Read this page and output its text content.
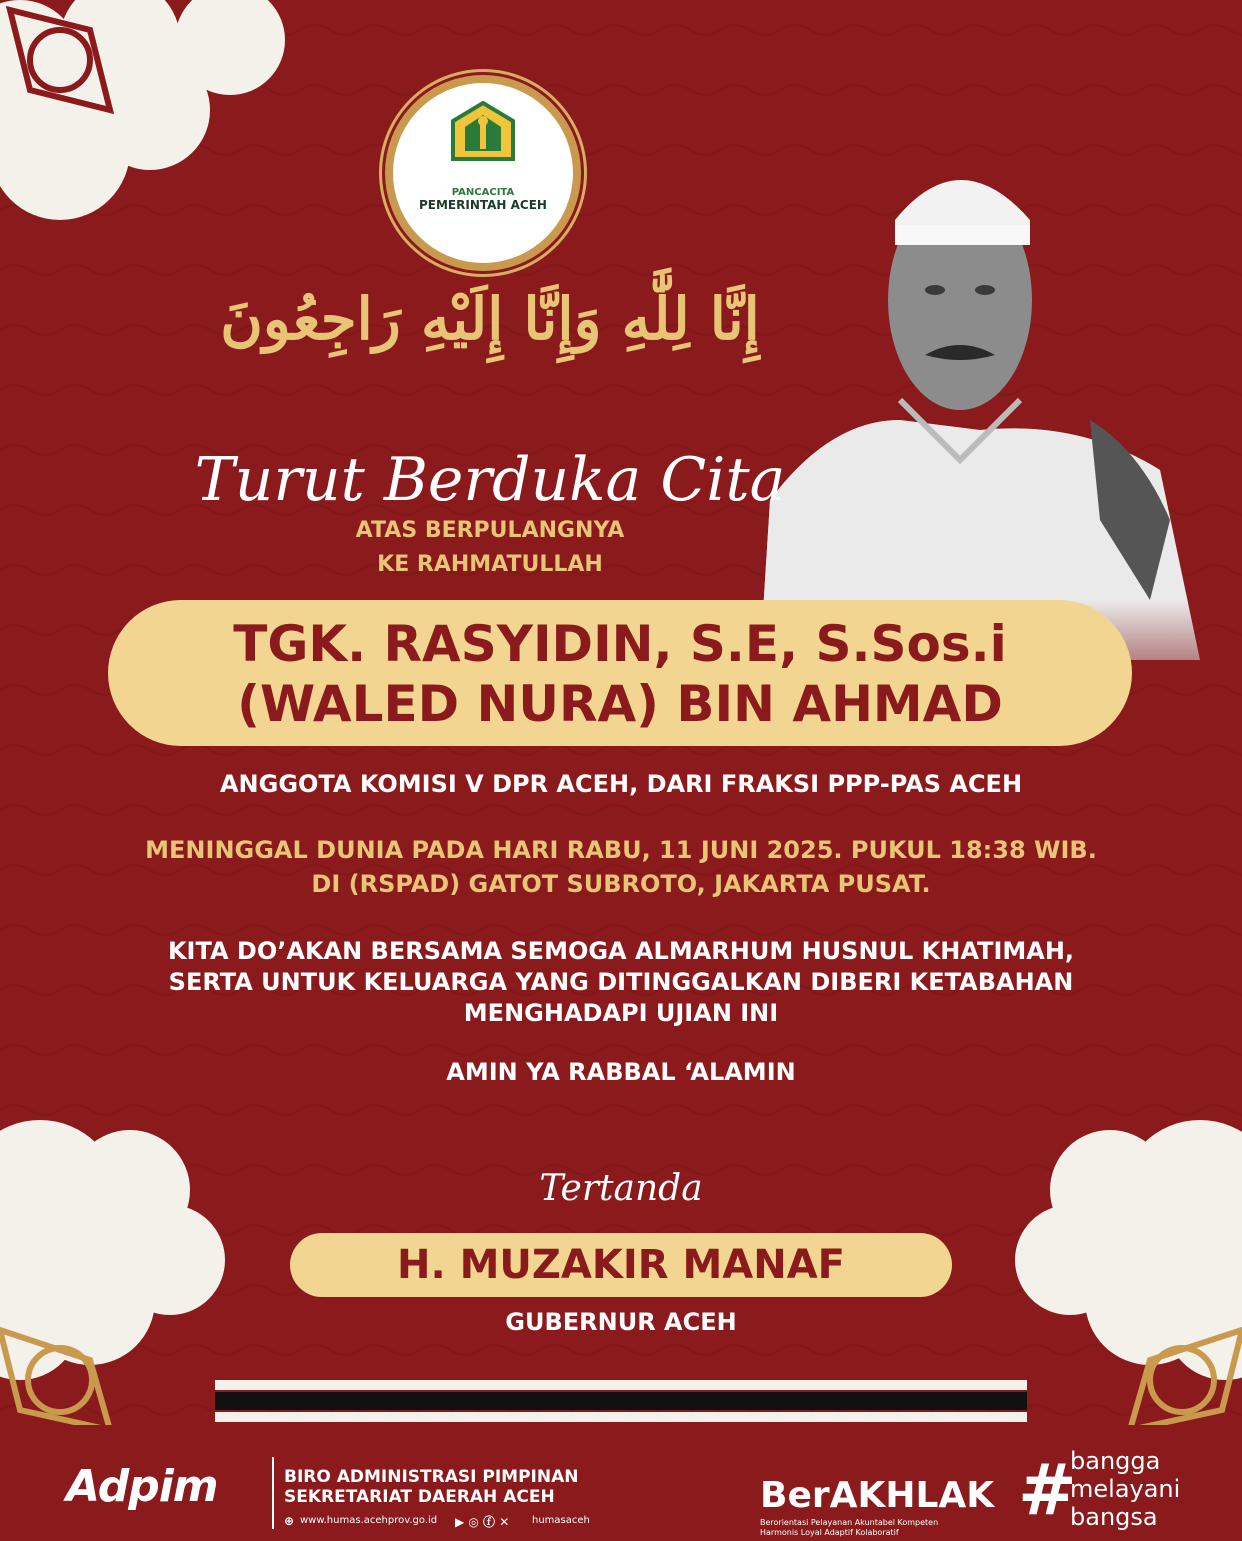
PANCACITA
PEMERINTAH ACEH
إِنَّا لِلَّٰهِ وَإِنَّا إِلَيْهِ رَاجِعُونَ
Turut Berduka Cita
ATAS BERPULANGNYA
KE RAHMATULLAH
TGK. RASYIDIN, S.E, S.Sos.i
(WALED NURA) BIN AHMAD
ANGGOTA KOMISI V DPR ACEH, DARI FRAKSI PPP-PAS ACEH
MENINGGAL DUNIA PADA HARI RABU, 11 JUNI 2025. PUKUL 18:38 WIB.
DI (RSPAD) GATOT SUBROTO, JAKARTA PUSAT.
KITA DO’AKAN BERSAMA SEMOGA ALMARHUM HUSNUL KHATIMAH,
SERTA UNTUK KELUARGA YANG DITINGGALKAN DIBERI KETABAHAN
MENGHADAPI UJIAN INI
AMIN YA RABBAL ‘ALAMIN
Tertanda
H. MUZAKIR MANAF
GUBERNUR ACEH
Adpim	BIRO ADMINISTRASI PIMPINAN
SEKRETARIAT DAERAH ACEH
⊕ www.humas.acehprov.go.id ▶ ◎ ⓕ ✕ humasaceh
BerAKHLAK
Berorientasi Pelayanan Akuntabel Kompeten
Harmonis Loyal Adaptif Kolaboratif
#
bangga
melayani
bangsa
